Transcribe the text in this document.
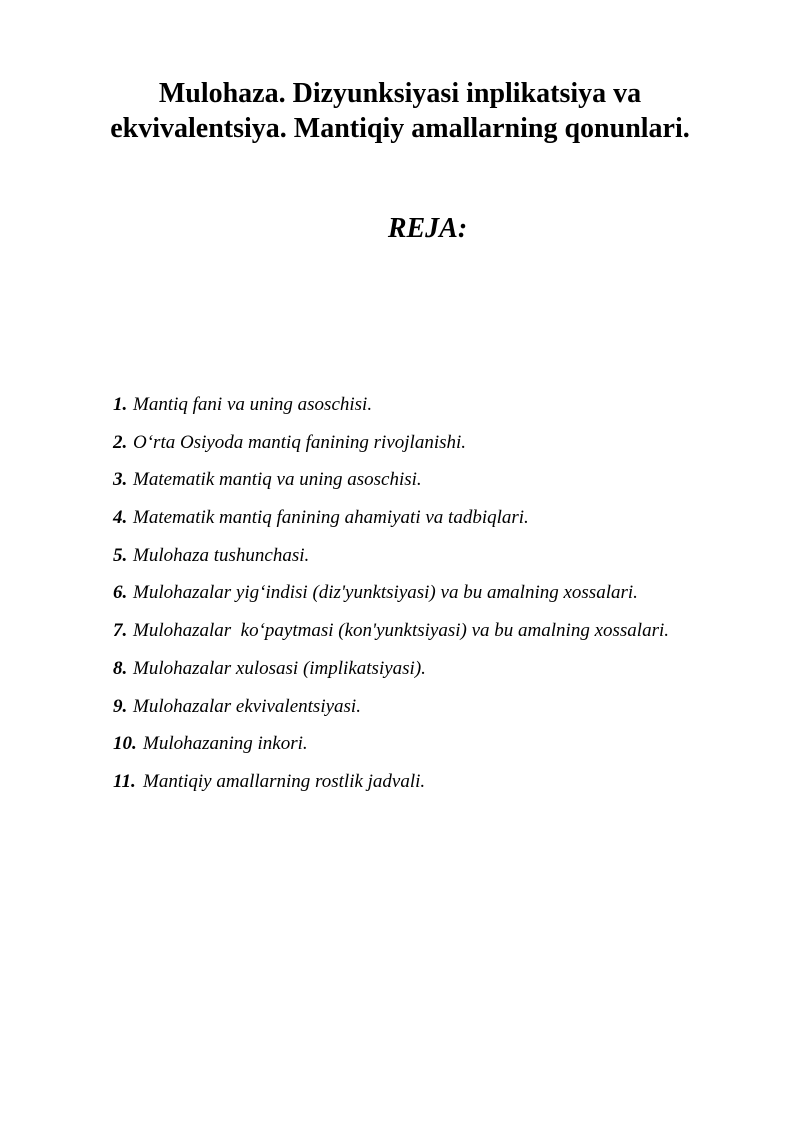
Mulohaza. Dizyunksiyasi inplikatsiya va
ekvivalentsiya. Mantiqiy amallarning qonunlari.
REJA:
1. Mantiq fani va uning asoschisi.
2. Oʻrta Osiyoda mantiq fanining rivojlanishi.
3. Matematik mantiq va uning asoschisi.
4. Matematik mantiq fanining ahamiyati va tadbiqlari.
5. Mulohaza tushunchasi.
6. Mulohazalar yigʻindisi (diz'yunktsiyasi) va bu amalning xossalari.
7. Mulohazalar  koʻpaytmasi (kon'yunktsiyasi) va bu amalning xossalari.
8. Mulohazalar xulosasi (implikatsiyasi).
9. Mulohazalar ekvivalentsiyasi.
10. Mulohazaning inkori.
11. Mantiqiy amallarning rostlik jadvali.
